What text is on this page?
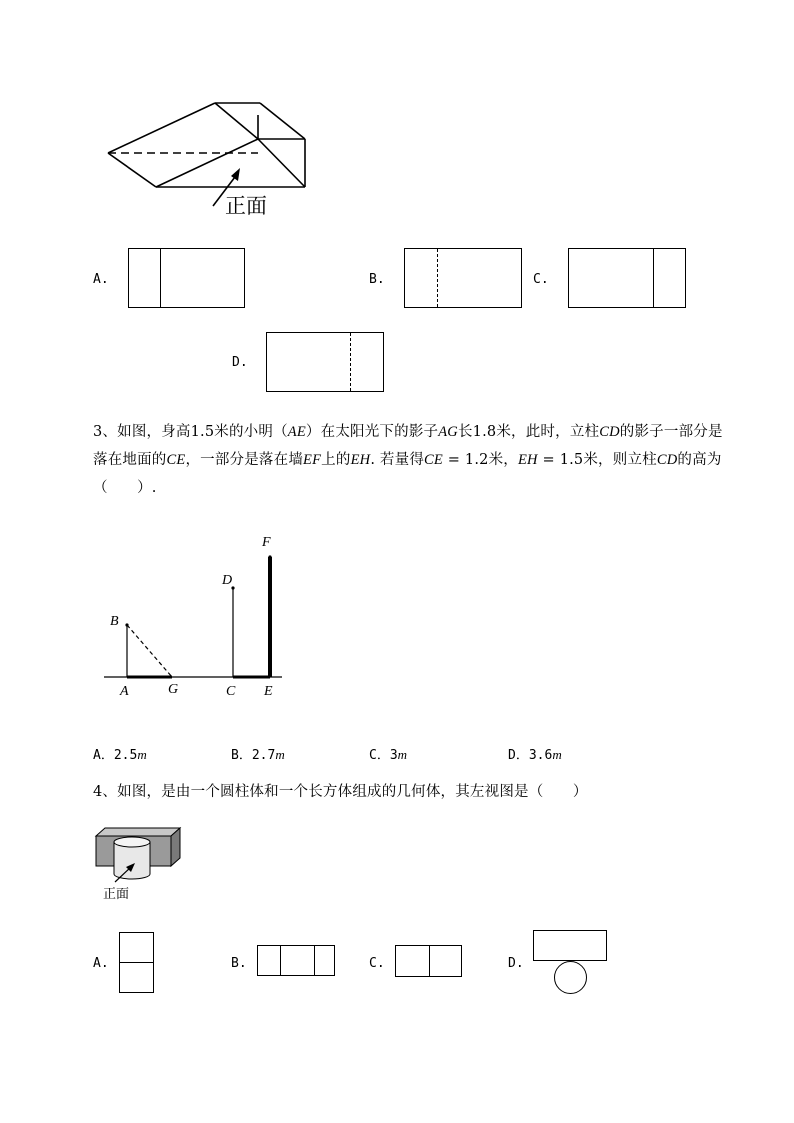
正面
A.	B.	C.
D.
3、如图，身高1.5米的小明（AE）在太阳光下的影子AG长1.8米，此时，立柱CD的影子一部分是
落在地面的CE，一部分是落在墙EF上的EH. 若量得CE = 1.2米，EH = 1.5米，则立柱CD的高为
（　　）.
B
A	G
D
C
F
E
A．2.5m	B．2.7m	C．3m	D．3.6m
4、如图，是由一个圆柱体和一个长方体组成的几何体，其左视图是（　　）
正面
A.	B.	C.	D.
